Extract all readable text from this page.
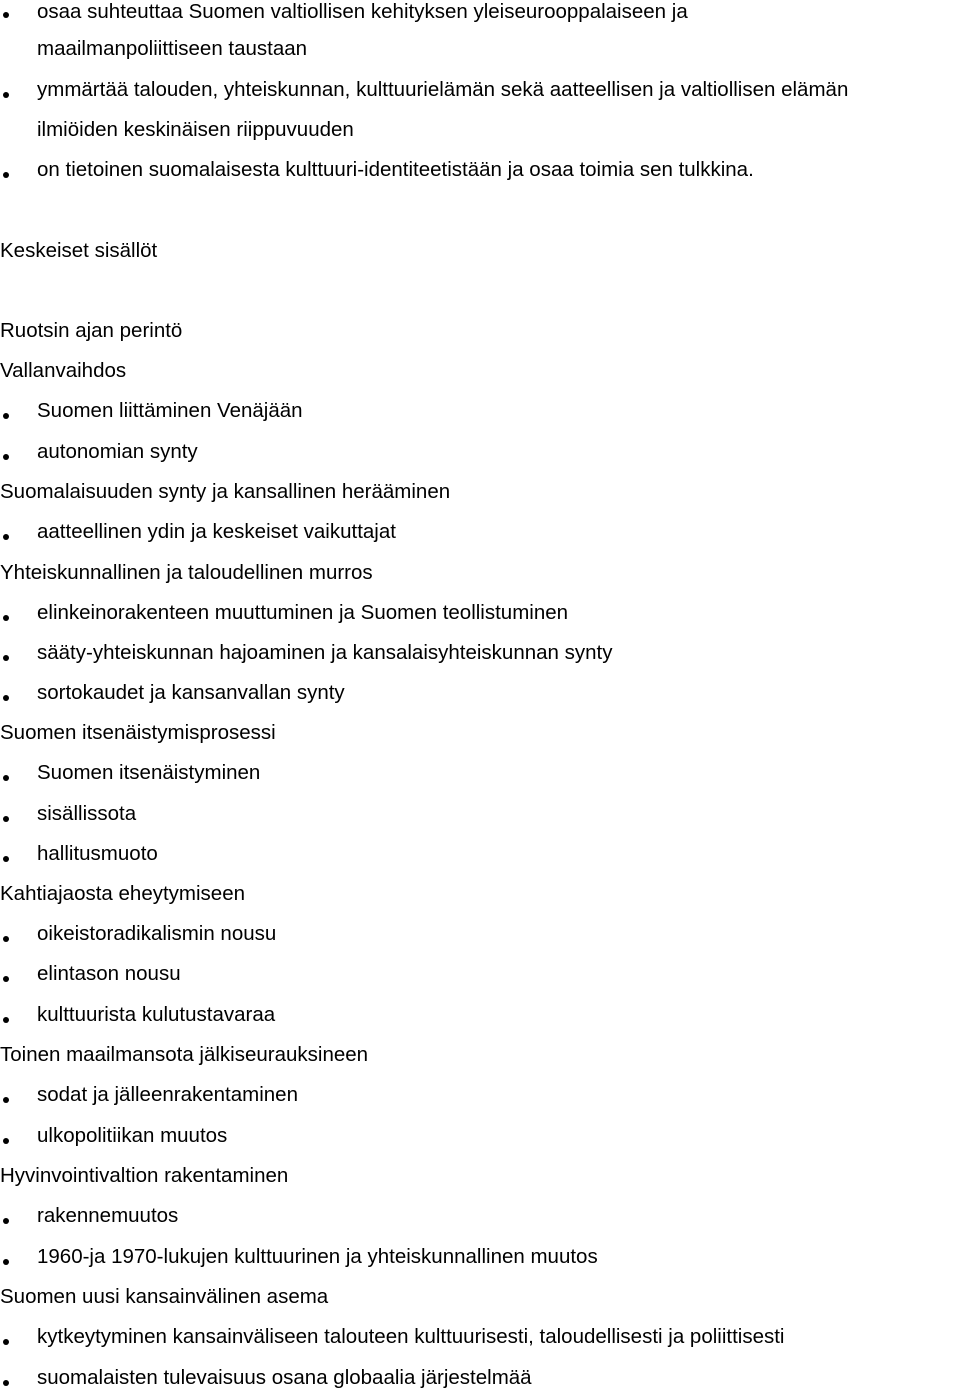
osaa suhteuttaa Suomen valtiollisen kehityksen yleiseurooppalaiseen ja
maailmanpoliittiseen taustaan
ymmärtää talouden, yhteiskunnan, kulttuurielämän sekä aatteellisen ja valtiollisen elämän
ilmiöiden keskinäisen riippuvuuden
on tietoinen suomalaisesta kulttuuri-identiteetistään ja osaa toimia sen tulkkina.
Keskeiset sisällöt
Ruotsin ajan perintö
Vallanvaihdos
Suomen liittäminen Venäjään
autonomian synty
Suomalaisuuden synty ja kansallinen herääminen
aatteellinen ydin ja keskeiset vaikuttajat
Yhteiskunnallinen ja taloudellinen murros
elinkeinorakenteen muuttuminen ja Suomen teollistuminen
sääty-yhteiskunnan hajoaminen ja kansalaisyhteiskunnan synty
sortokaudet ja kansanvallan synty
Suomen itsenäistymisprosessi
Suomen itsenäistyminen
sisällissota
hallitusmuoto
Kahtiajaosta eheytymiseen
oikeistoradikalismin nousu
elintason nousu
kulttuurista kulutustavaraa
Toinen maailmansota jälkiseurauksineen
sodat ja jälleenrakentaminen
ulkopolitiikan muutos
Hyvinvointivaltion rakentaminen
rakennemuutos
1960-ja 1970-lukujen kulttuurinen ja yhteiskunnallinen muutos
Suomen uusi kansainvälinen asema
kytkeytyminen kansainväliseen talouteen kulttuurisesti, taloudellisesti ja poliittisesti
suomalaisten tulevaisuus osana globaalia järjestelmää
